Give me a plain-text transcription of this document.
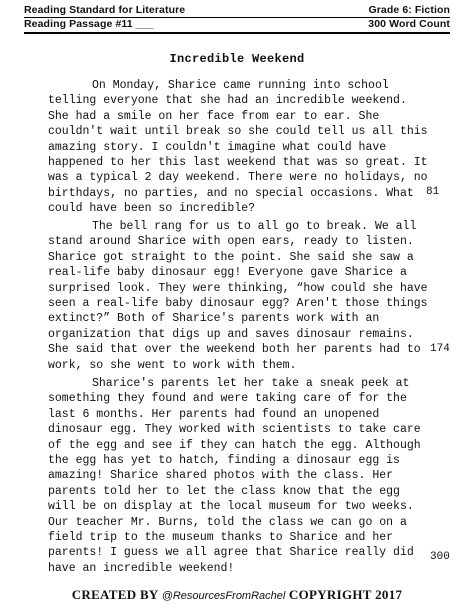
Reading Standard for Literature	Grade 6: Fiction
Reading Passage #11 ___	300 Word Count
Incredible Weekend

On Monday, Sharice came running into school telling everyone that she had an incredible weekend. She had a smile on her face from ear to ear. She couldn't wait until break so she could tell us all this amazing story. I couldn't imagine what could have happened to her this last weekend that was so great. It was a typical 2 day weekend. There were no holidays, no birthdays, no parties, and no special occasions. What could have been so incredible?

81

The bell rang for us to all go to break. We all stand around Sharice with open ears, ready to listen. Sharice got straight to the point. She said she saw a real-life baby dinosaur egg! Everyone gave Sharice a surprised look. They were thinking, “how could she have seen a real-life baby dinosaur egg? Aren't those things extinct?” Both of Sharice's parents work with an organization that digs up and saves dinosaur remains. She said that over the weekend both her parents had to work, so she went to work with them.

174

Sharice's parents let her take a sneak peek at something they found and were taking care of for the last 6 months. Her parents had found an unopened dinosaur egg. They worked with scientists to take care of the egg and see if they can hatch the egg. Although the egg has yet to hatch, finding a dinosaur egg is amazing! Sharice shared photos with the class. Her parents told her to let the class know that the egg will be on display at the local museum for two weeks. Our teacher Mr. Burns, told the class we can go on a field trip to the museum thanks to Sharice and her parents! I guess we all agree that Sharice really did have an incredible weekend!

300
CREATED BY @ResourcesFromRachel COPYRIGHT 2017
